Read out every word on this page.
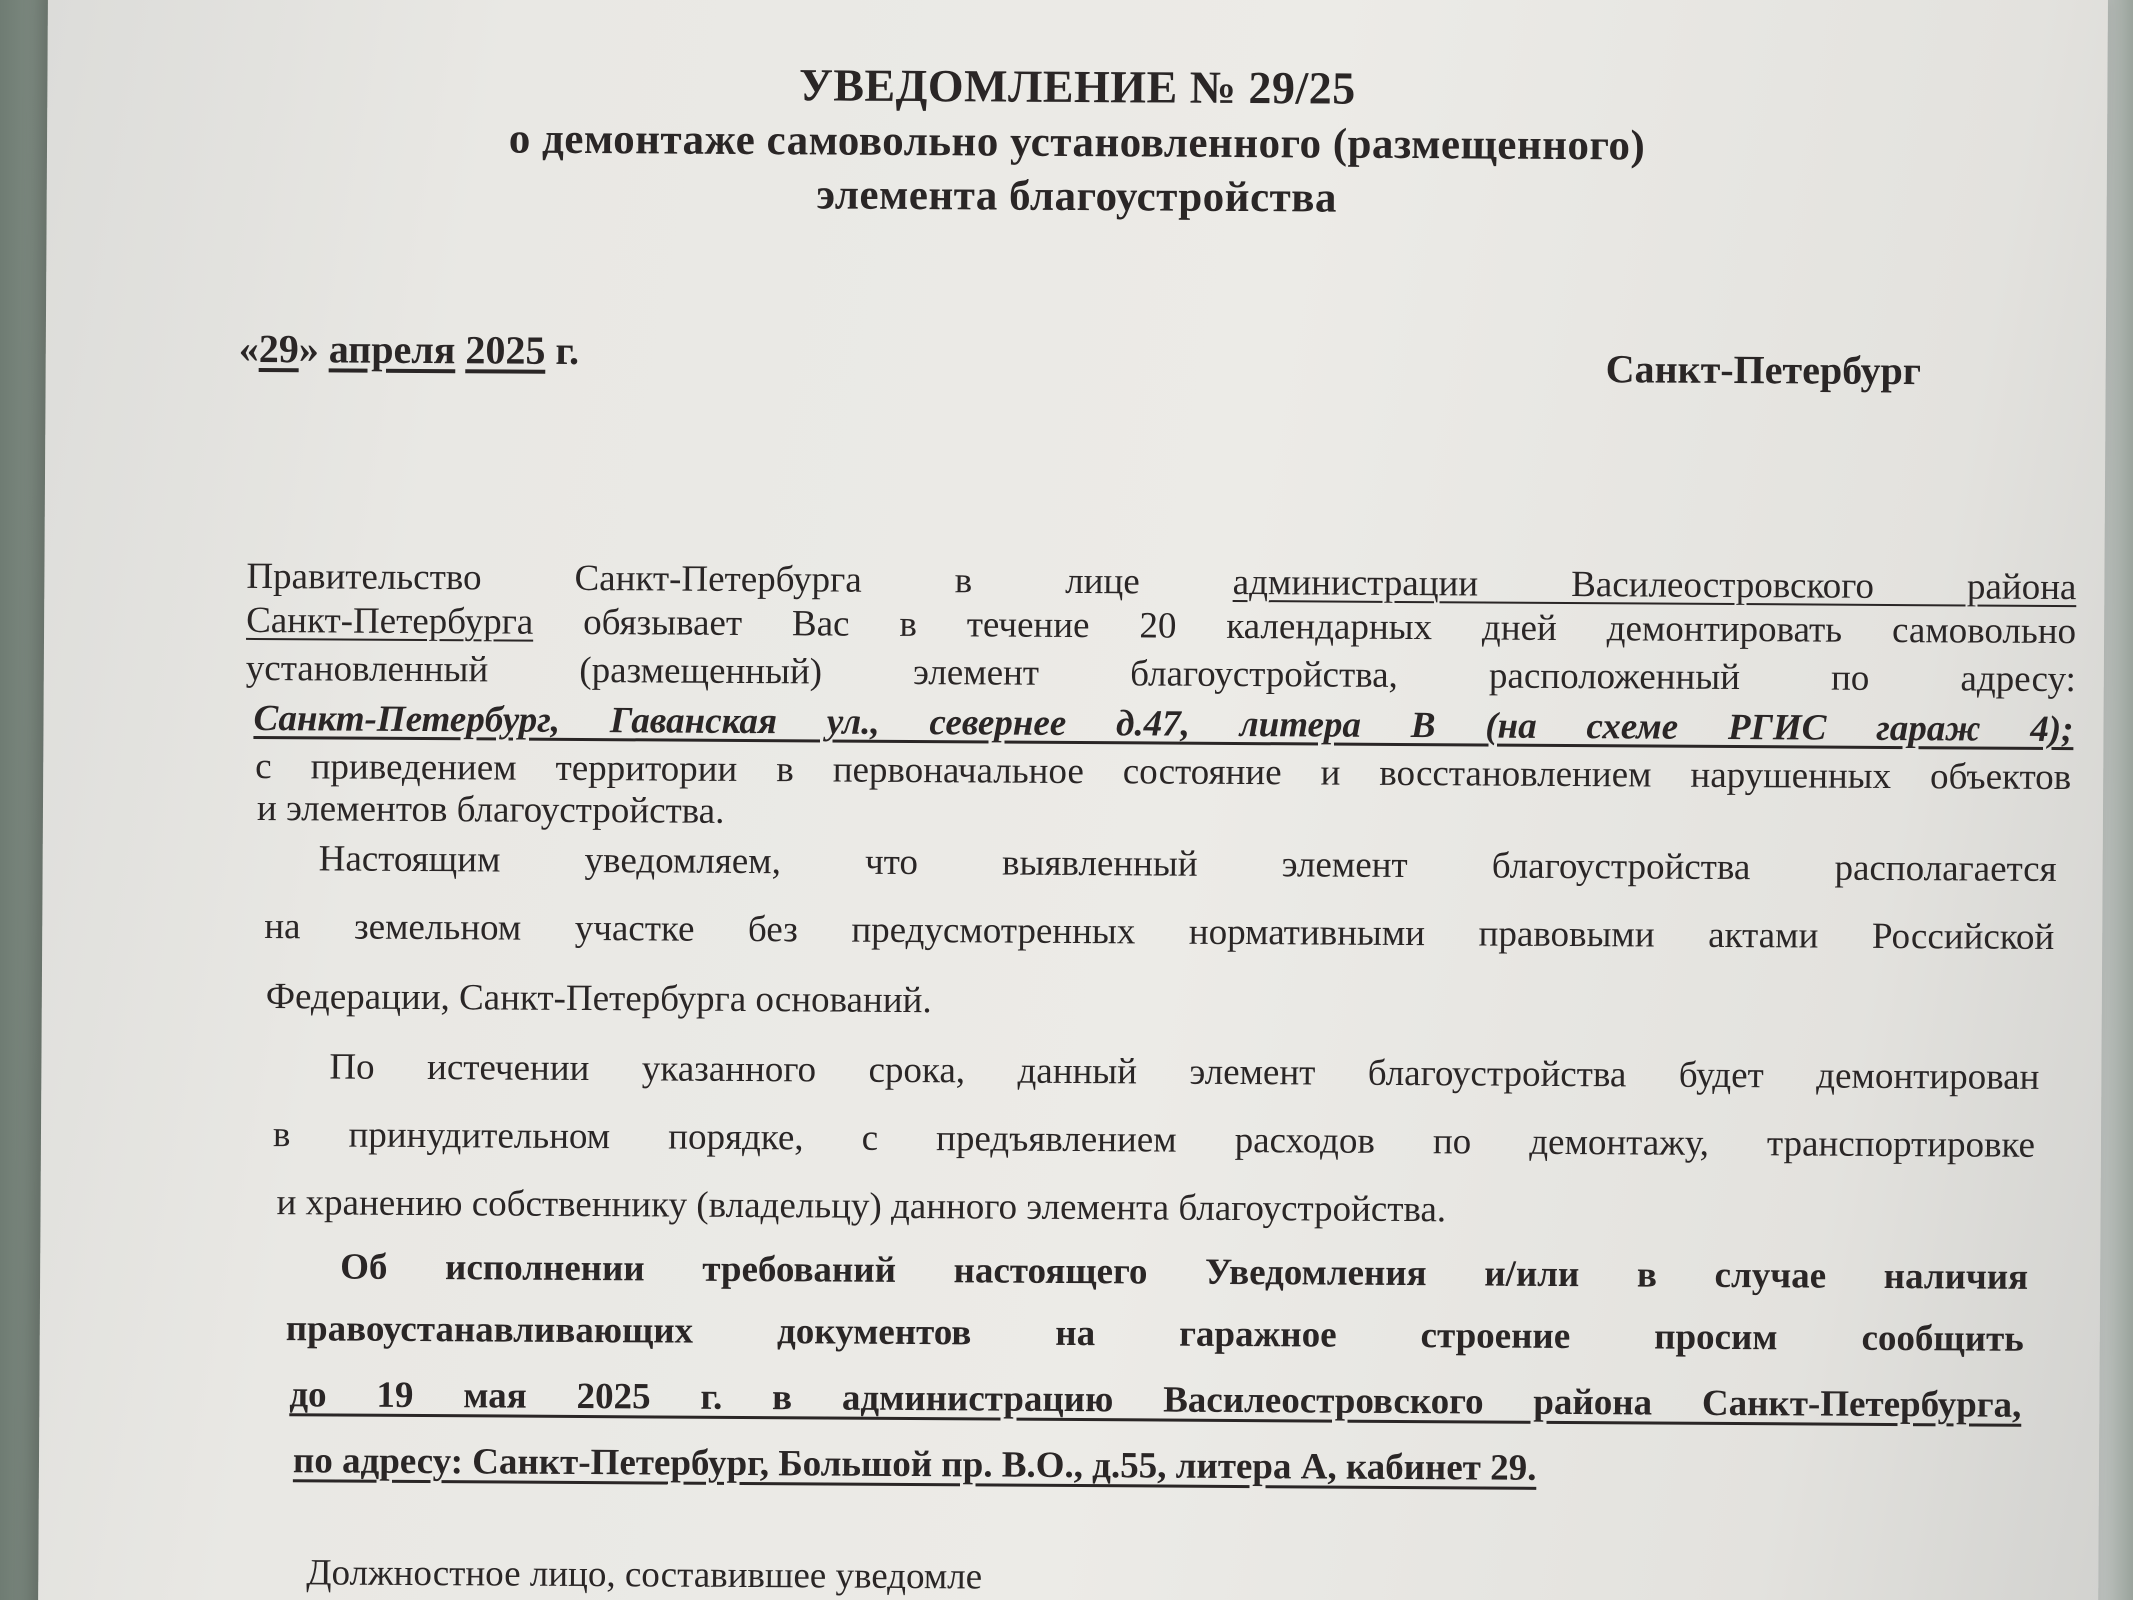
УВЕДОМЛЕНИЕ № 29/25
о демонтаже самовольно установленного (размещенного)
элемента благоустройства
«29» апреля 2025 г.	Санкт-Петербург
Правительство Санкт-Петербурга в лице	администрации Василеостровского района
Санкт-Петербурга обязывает Вас в течение 20 календарных дней демонтировать самовольно
установленный (размещенный) элемент благоустройства, расположенный по адресу:
Санкт-Петербург, Гаванская ул., севернее д.47, литера В (на схеме РГИС гараж 4);
с приведением территории в первоначальное состояние и восстановлением нарушенных объектов
и элементов благоустройства.
Настоящим уведомляем, что выявленный элемент благоустройства располагается
на земельном участке без предусмотренных нормативными правовыми актами Российской
Федерации, Санкт-Петербурга оснований.
По истечении указанного срока, данный элемент благоустройства будет демонтирован
в принудительном порядке, с предъявлением расходов по демонтажу, транспортировке
и хранению собственнику (владельцу) данного элемента благоустройства.
Об исполнении требований настоящего Уведомления и/или в случае наличия
правоустанавливающих документов на гаражное строение просим сообщить
до 19 мая 2025 г. в администрацию Василеостровского района Санкт-Петербурга,
по адресу: Санкт-Петербург, Большой пр. В.О., д.55, литера А, кабинет 29.
Должностное лицо, составившее уведомле
